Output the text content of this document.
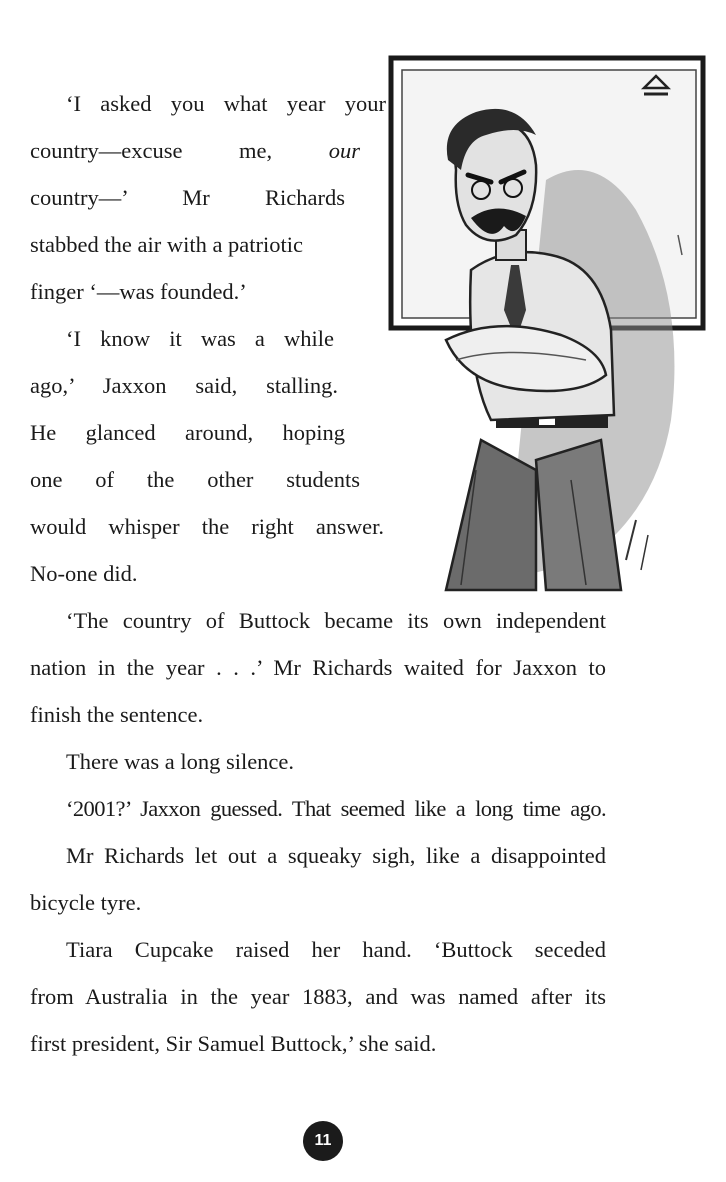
‘I asked you what year your
country—excuse me, our
country—’ Mr Richards
stabbed the air with a patriotic
finger ‘—was founded.’
‘I know it was a while
ago,’ Jaxxon said, stalling.
He glanced around, hoping
one of the other students
would whisper the right answer.
No-one did.
‘The country of Buttock became its own independent
nation in the year . . .’ Mr Richards waited for Jaxxon to
finish the sentence.
There was a long silence.
‘2001?’ Jaxxon guessed. That seemed like a long time ago.
Mr Richards let out a squeaky sigh, like a disappointed
bicycle tyre.
Tiara Cupcake raised her hand. ‘Buttock seceded
from Australia in the year 1883, and was named after its
first president, Sir Samuel Buttock,’ she said.
11
